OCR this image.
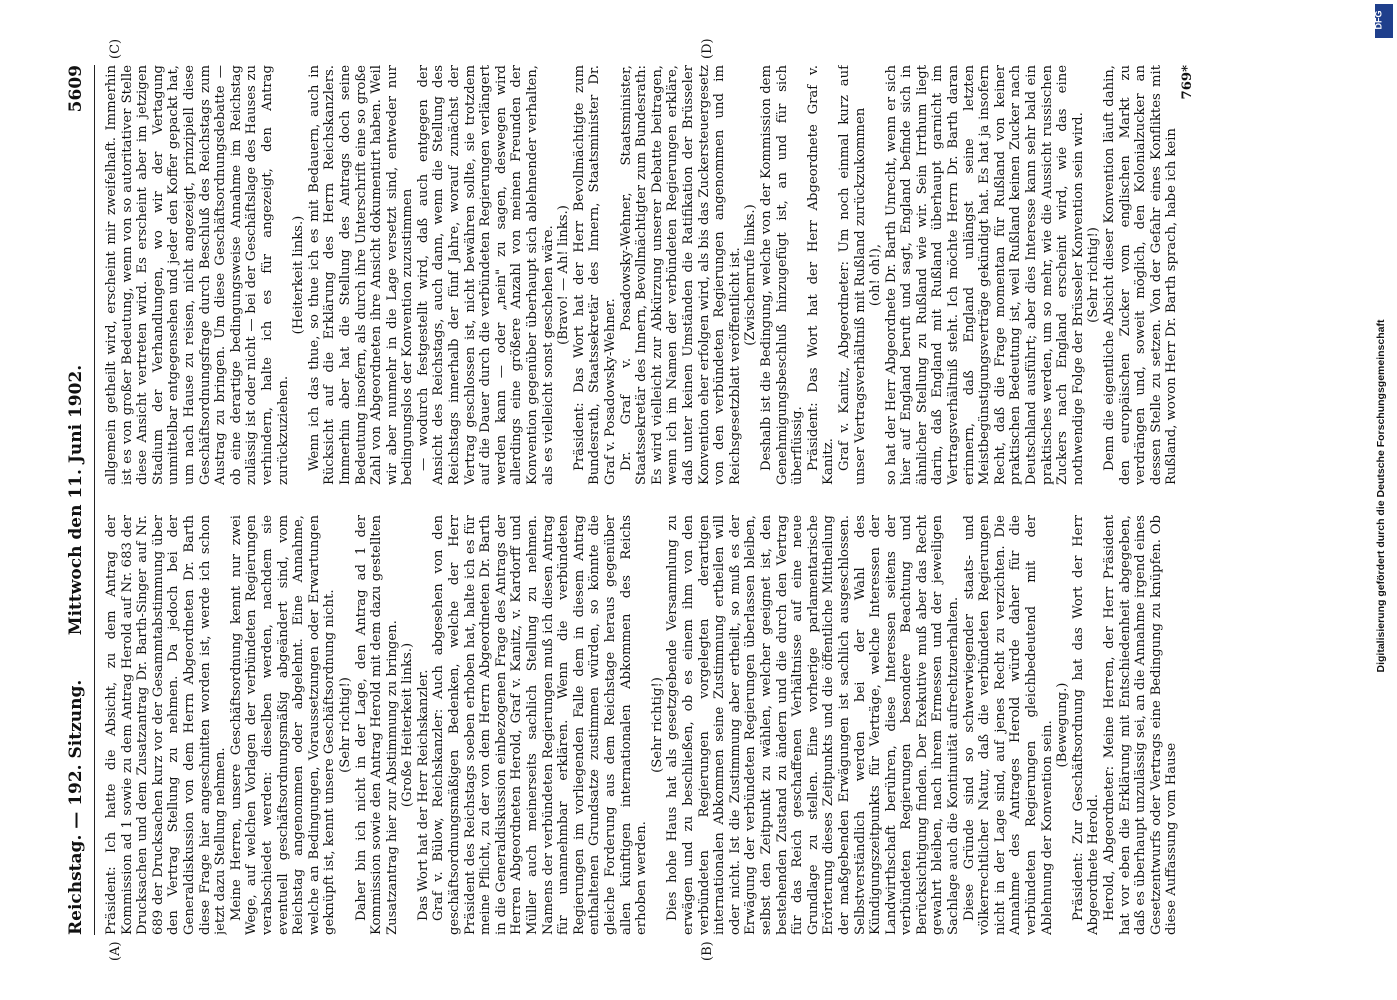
Reichstag. — 192. Sitzung.
Mittwoch den 11. Juni 1902.
5609
(A)	(B)
(C)	(D)

Präsident: Ich hatte die Absicht, zu dem Antrag der Kommission ad 1 sowie zu dem Antrag Herold auf Nr. 683 der Drucksachen und dem Zusatzantrag Dr. Barth-Singer auf Nr. 689 der Drucksachen kurz vor der Gesammtabstimmung über den Vertrag Stellung zu nehmen. Da jedoch bei der Generaldiskussion von dem Herrn Abgeordneten Dr. Barth diese Frage hier angeschnitten worden ist, werde ich schon jetzt dazu Stellung nehmen. Meine Herren, unsere Geschäftsordnung kennt nur zwei Wege, auf welchen Vorlagen der verbündeten Regierungen verabschiedet werden: dieselben werden, nachdem sie eventuell geschäftsordnungsmäßig abgeändert sind, vom Reichstag angenommen oder abgelehnt. Eine Annahme, welche an Bedingungen, Voraussetzungen oder Erwartungen geknüpft ist, kennt unsere Geschäftsordnung nicht. (Sehr richtig!) Daher bin ich nicht in der Lage, den Antrag ad 1 der Kommission sowie den Antrag Herold mit dem dazu gestellten Zusatzantrag hier zur Abstimmung zu bringen. (Große Heiterkeit links.) Das Wort hat der Herr Reichskanzler. Graf v. Bülow, Reichskanzler: Auch abgesehen von den geschäftsordnungsmäßigen Bedenken, welche der Herr Präsident des Reichstags soeben erhoben hat, halte ich es für meine Pflicht, zu der von dem Herrn Abgeordneten Dr. Barth in die Generaldiskussion einbezogenen Frage des Antrags der Herren Abgeordneten Herold, Graf v. Kanitz, v. Kardorff und Müller auch meinerseits sachlich Stellung zu nehmen. Namens der verbündeten Regierungen muß ich diesen Antrag für unannehmbar erklären. Wenn die verbündeten Regierungen im vorliegenden Falle dem in diesem Antrag enthaltenen Grundsatze zustimmen würden, so könnte die gleiche Forderung aus dem Reichstage heraus gegenüber allen künftigen internationalen Abkommen des Reichs erhoben werden.

(Sehr richtig!) Dies hohe Haus hat als gesetzgebende Versammlung zu erwägen und zu beschließen, ob es einem ihm von den verbündeten Regierungen vorgelegten derartigen internationalen Abkommen seine Zustimmung ertheilen will oder nicht. Ist die Zustimmung aber ertheilt, so muß es der Erwägung der verbündeten Regierungen überlassen bleiben, selbst den Zeitpunkt zu wählen, welcher geeignet ist, den bestehenden Zustand zu ändern und die durch den Vertrag für das Reich geschaffenen Verhältnisse auf eine neue Grundlage zu stellen. Eine vorherige parlamentarische Erörterung dieses Zeitpunkts und die öffentliche Mittheilung der maßgebenden Erwägungen ist sachlich ausgeschlossen. Selbstverständlich werden bei der Wahl des Kündigungszeitpunkts für Verträge, welche Interessen der Landwirthschaft berühren, diese Interessen seitens der verbündeten Regierungen besondere Beachtung und Berücksichtigung finden. Der Exekutive muß aber das Recht gewahrt bleiben, nach ihrem Ermessen und der jeweiligen Sachlage auch die Kontinuität aufrechtzuerhalten. Diese Gründe sind so schwerwiegender staats- und völkerrechtlicher Natur, daß die verbündeten Regierungen nicht in der Lage sind, auf jenes Recht zu verzichten. Die Annahme des Antrages Herold würde daher für die verbündeten Regierungen gleichbedeutend mit der Ablehnung der Konvention sein. (Bewegung.) Präsident: Zur Geschäftsordnung hat das Wort der Herr Abgeordnete Herold. Herold, Abgeordneter: Meine Herren, der Herr Präsident hat vor eben die Erklärung mit Entschiedenheit abgegeben, daß es überhaupt unzulässig sei, an die Annahme irgend eines Gesetzentwurfs oder Vertrags eine Bedingung zu knüpfen. Ob diese Auffassung vom Hause

allgemein getheilt wird, erscheint mir zweifelhaft. Immerhin ist es von großer Bedeutung, wenn von so autoritativer Stelle diese Ansicht vertreten wird. Es erscheint aber im jetzigen Stadium der Verhandlungen, wo wir der Vertagung unmittelbar entgegensehen und jeder den Koffer gepackt hat, um nach Hause zu reisen, nicht angezeigt, prinzipiell diese Geschäftsordnungsfrage durch Beschluß des Reichstags zum Austrag zu bringen. Um diese Geschäftsordnungsdebatte — ob eine derartige bedingungsweise Annahme im Reichstag zulässig ist oder nicht — bei der Geschäftslage des Hauses zu verhindern, halte ich es für angezeigt, den Antrag zurückzuziehen.

(Heiterkeit links.) Wenn ich das thue, so thue ich es mit Bedauern, auch in Rücksicht auf die Erklärung des Herrn Reichskanzlers. Immerhin aber hat die Stellung des Antrags doch seine Bedeutung insofern, als durch ihre Unterschrift eine so große Zahl von Abgeordneten ihre Ansicht dokumentirt haben. Weil wir aber nunmehr in die Lage versetzt sind, entweder nur bedingungslos der Konvention zuzustimmen — wodurch festgestellt wird, daß auch entgegen der Ansicht des Reichstags, auch dann, wenn die Stellung des Reichstags innerhalb der fünf Jahre, worauf zunächst der Vertrag geschlossen ist, nicht bewähren sollte, sie trotzdem auf die Dauer durch die verbündeten Regierungen verlängert werden kann — oder „nein" zu sagen, deswegen wird allerdings eine größere Anzahl von meinen Freunden der Konvention gegenüber überhaupt sich ablehnender verhalten, als es vielleicht sonst geschehen wäre. (Bravo! — Ah! links.) Präsident: Das Wort hat der Herr Bevollmächtigte zum Bundesrath, Staatssekretär des Innern, Staatsminister Dr. Graf v. Posadowsky-Wehner. Dr. Graf v. Posadowsky-Wehner, Staatsminister, Staatssekretär des Innern, Bevollmächtigter zum Bundesrath: Es wird vielleicht zur Abkürzung unserer Debatte beitragen, wenn ich im Namen der verbündeten Regierungen erkläre, daß unter keinen Umständen die Ratifikation der Brüsseler Konvention eher erfolgen wird, als bis das Zuckersteuergesetz von den verbündeten Regierungen angenommen und im Reichsgesetzblatt veröffentlicht ist. (Zwischenrufe links.) Deshalb ist die Bedingung, welche von der Kommission dem Genehmigungsbeschluß hinzugefügt ist, an und für sich überflüssig. Präsident: Das Wort hat der Herr Abgeordnete Graf v. Kanitz. Graf v. Kanitz, Abgeordneter: Um noch einmal kurz auf unser Vertragsverhältniß mit Rußland zurückzukommen (oh! oh!), so hat der Herr Abgeordnete Dr. Barth Unrecht, wenn er sich hier auf England beruft und sagt, England befinde sich in ähnlicher Stellung zu Rußland wie wir. Sein Irrthum liegt darin, daß England mit Rußland überhaupt garnicht im Vertragsverhältniß steht. Ich möchte Herrn Dr. Barth daran erinnern, daß England unlängst seine letzten Meistbegünstigungsverträge gekündigt hat. Es hat ja insofern Recht, daß die Frage momentan für Rußland von keiner praktischen Bedeutung ist, weil Rußland keinen Zucker nach Deutschland ausführt; aber dies Interesse kann sehr bald ein praktisches werden, um so mehr, wie die Aussicht russischen Zuckers nach England erscheint wird, wie das eine nothwendige Folge der Brüsseler Konvention sein wird. (Sehr richtig!) Denn die eigentliche Absicht dieser Konvention läuft dahin, den europäischen Zucker vom englischen Markt zu verdrängen und, soweit möglich, den Kolonialzucker an dessen Stelle zu setzen. Von der Gefahr eines Konfliktes mit Rußland, wovon Herr Dr. Barth sprach, habe ich kein

769*

DFG
Digitalisierung gefördert durch die Deutsche Forschungsgemeinschaft
